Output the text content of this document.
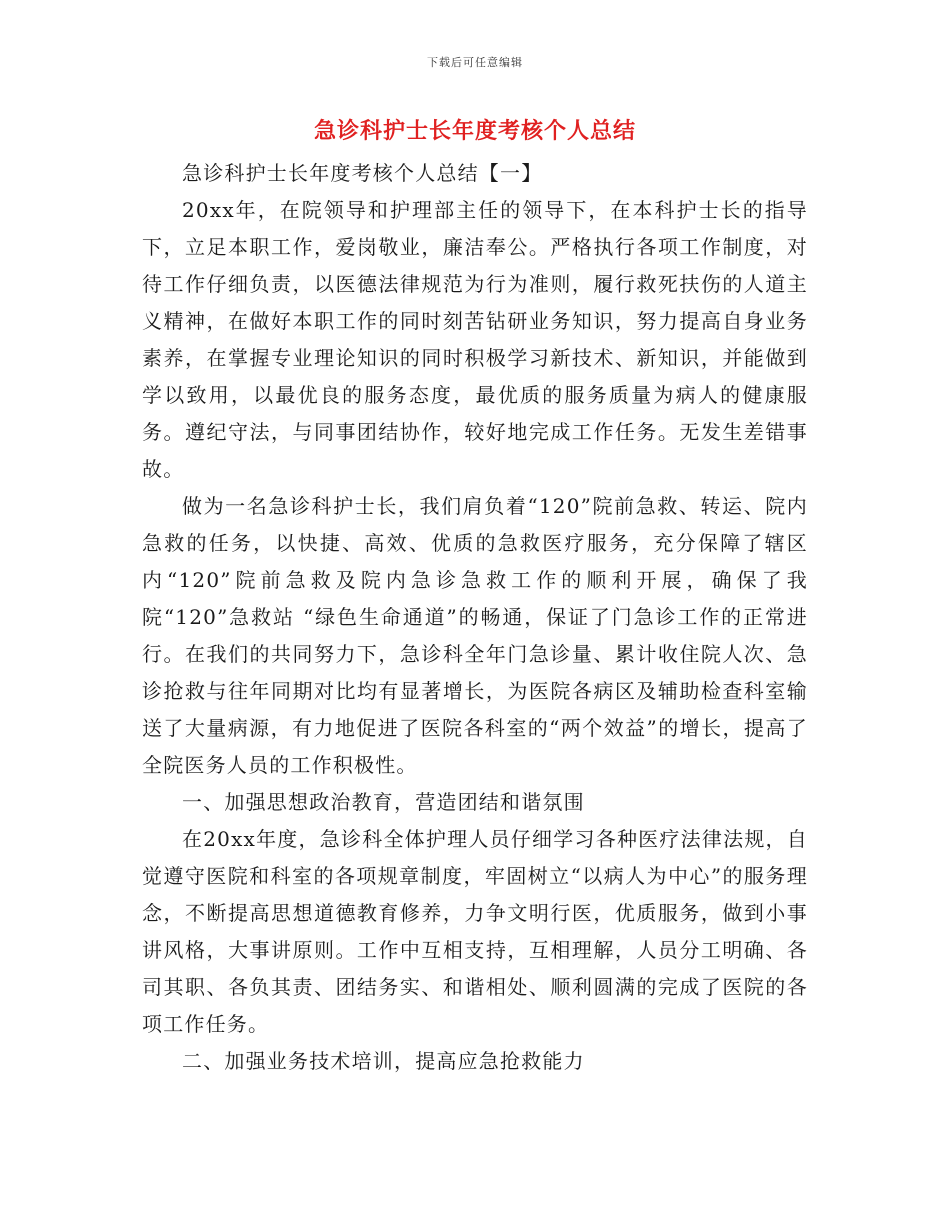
下载后可任意编辑
急诊科护士长年度考核个人总结

急诊科护士长年度考核个人总结【一】

20xx年，在院领导和护理部主任的领导下，在本科护士长的指导下，立足本职工作，爱岗敬业，廉洁奉公。严格执行各项工作制度，对待工作仔细负责，以医德法律规范为行为准则，履行救死扶伤的人道主义精神，在做好本职工作的同时刻苦钻研业务知识，努力提高自身业务素养，在掌握专业理论知识的同时积极学习新技术、新知识，并能做到学以致用，以最优良的服务态度，最优质的服务质量为病人的健康服务。遵纪守法，与同事团结协作，较好地完成工作任务。无发生差错事故。

做为一名急诊科护士长，我们肩负着“120”院前急救、转运、院内急救的任务，以快捷、高效、优质的急救医疗服务，充分保障了辖区内“120”院前急救及院内急诊急救工作的顺利开展，确保了我院“120”急救站 “绿色生命通道”的畅通，保证了门急诊工作的正常进行。在我们的共同努力下，急诊科全年门急诊量、累计收住院人次、急诊抢救与往年同期对比均有显著增长，为医院各病区及辅助检查科室输送了大量病源，有力地促进了医院各科室的“两个效益”的增长，提高了全院医务人员的工作积极性。

一、加强思想政治教育，营造团结和谐氛围

在20xx年度，急诊科全体护理人员仔细学习各种医疗法律法规，自觉遵守医院和科室的各项规章制度，牢固树立“以病人为中心”的服务理念，不断提高思想道德教育修养，力争文明行医，优质服务，做到小事讲风格，大事讲原则。工作中互相支持，互相理解，人员分工明确、各司其职、各负其责、团结务实、和谐相处、顺利圆满的完成了医院的各项工作任务。

二、加强业务技术培训，提高应急抢救能力
